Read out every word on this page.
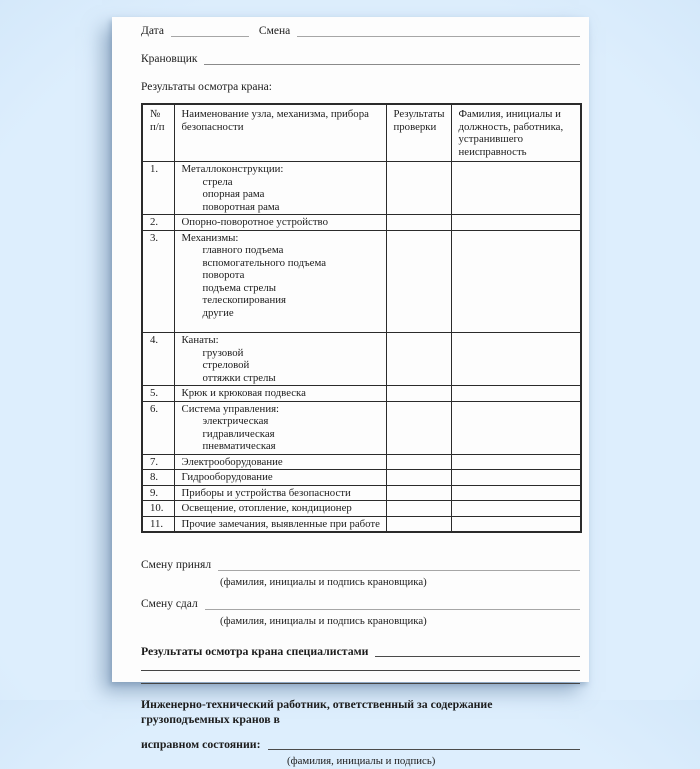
Дата	Смена
Крановщик
Результаты осмотра крана:
№ п/п	Наименование узла, механизма, прибора безопасности	Результаты проверки	Фамилия, инициалы и должность, работника, устранившего неисправность
1.	Металлоконструкции:
стрела
опорная рама
поворотная рама		

2.	Опорно-поворотное устройство		

3.	Механизмы:
главного подъема
вспомогательного подъема
поворота
подъема стрелы
телескопирования
другие

4.	Канаты:
грузовой
стреловой
оттяжки стрелы		

5.	Крюк и крюковая подвеска		

6.	Система управления:
электрическая
гидравлическая
пневматическая		

7.	Электрооборудование		

8.	Гидрооборудование		

9.	Приборы и устройства безопасности		

10.	Освещение, отопление, кондиционер		

11.	Прочие замечания, выявленные при работе		

Смену принял
(фамилия, инициалы и подпись крановщика)
Смену сдал
(фамилия, инициалы и подпись крановщика)
Результаты осмотра крана специалистами
Инженерно-технический работник, ответственный за содержание грузоподъемных кранов в
исправном состоянии:
(фамилия, инициалы и подпись)
